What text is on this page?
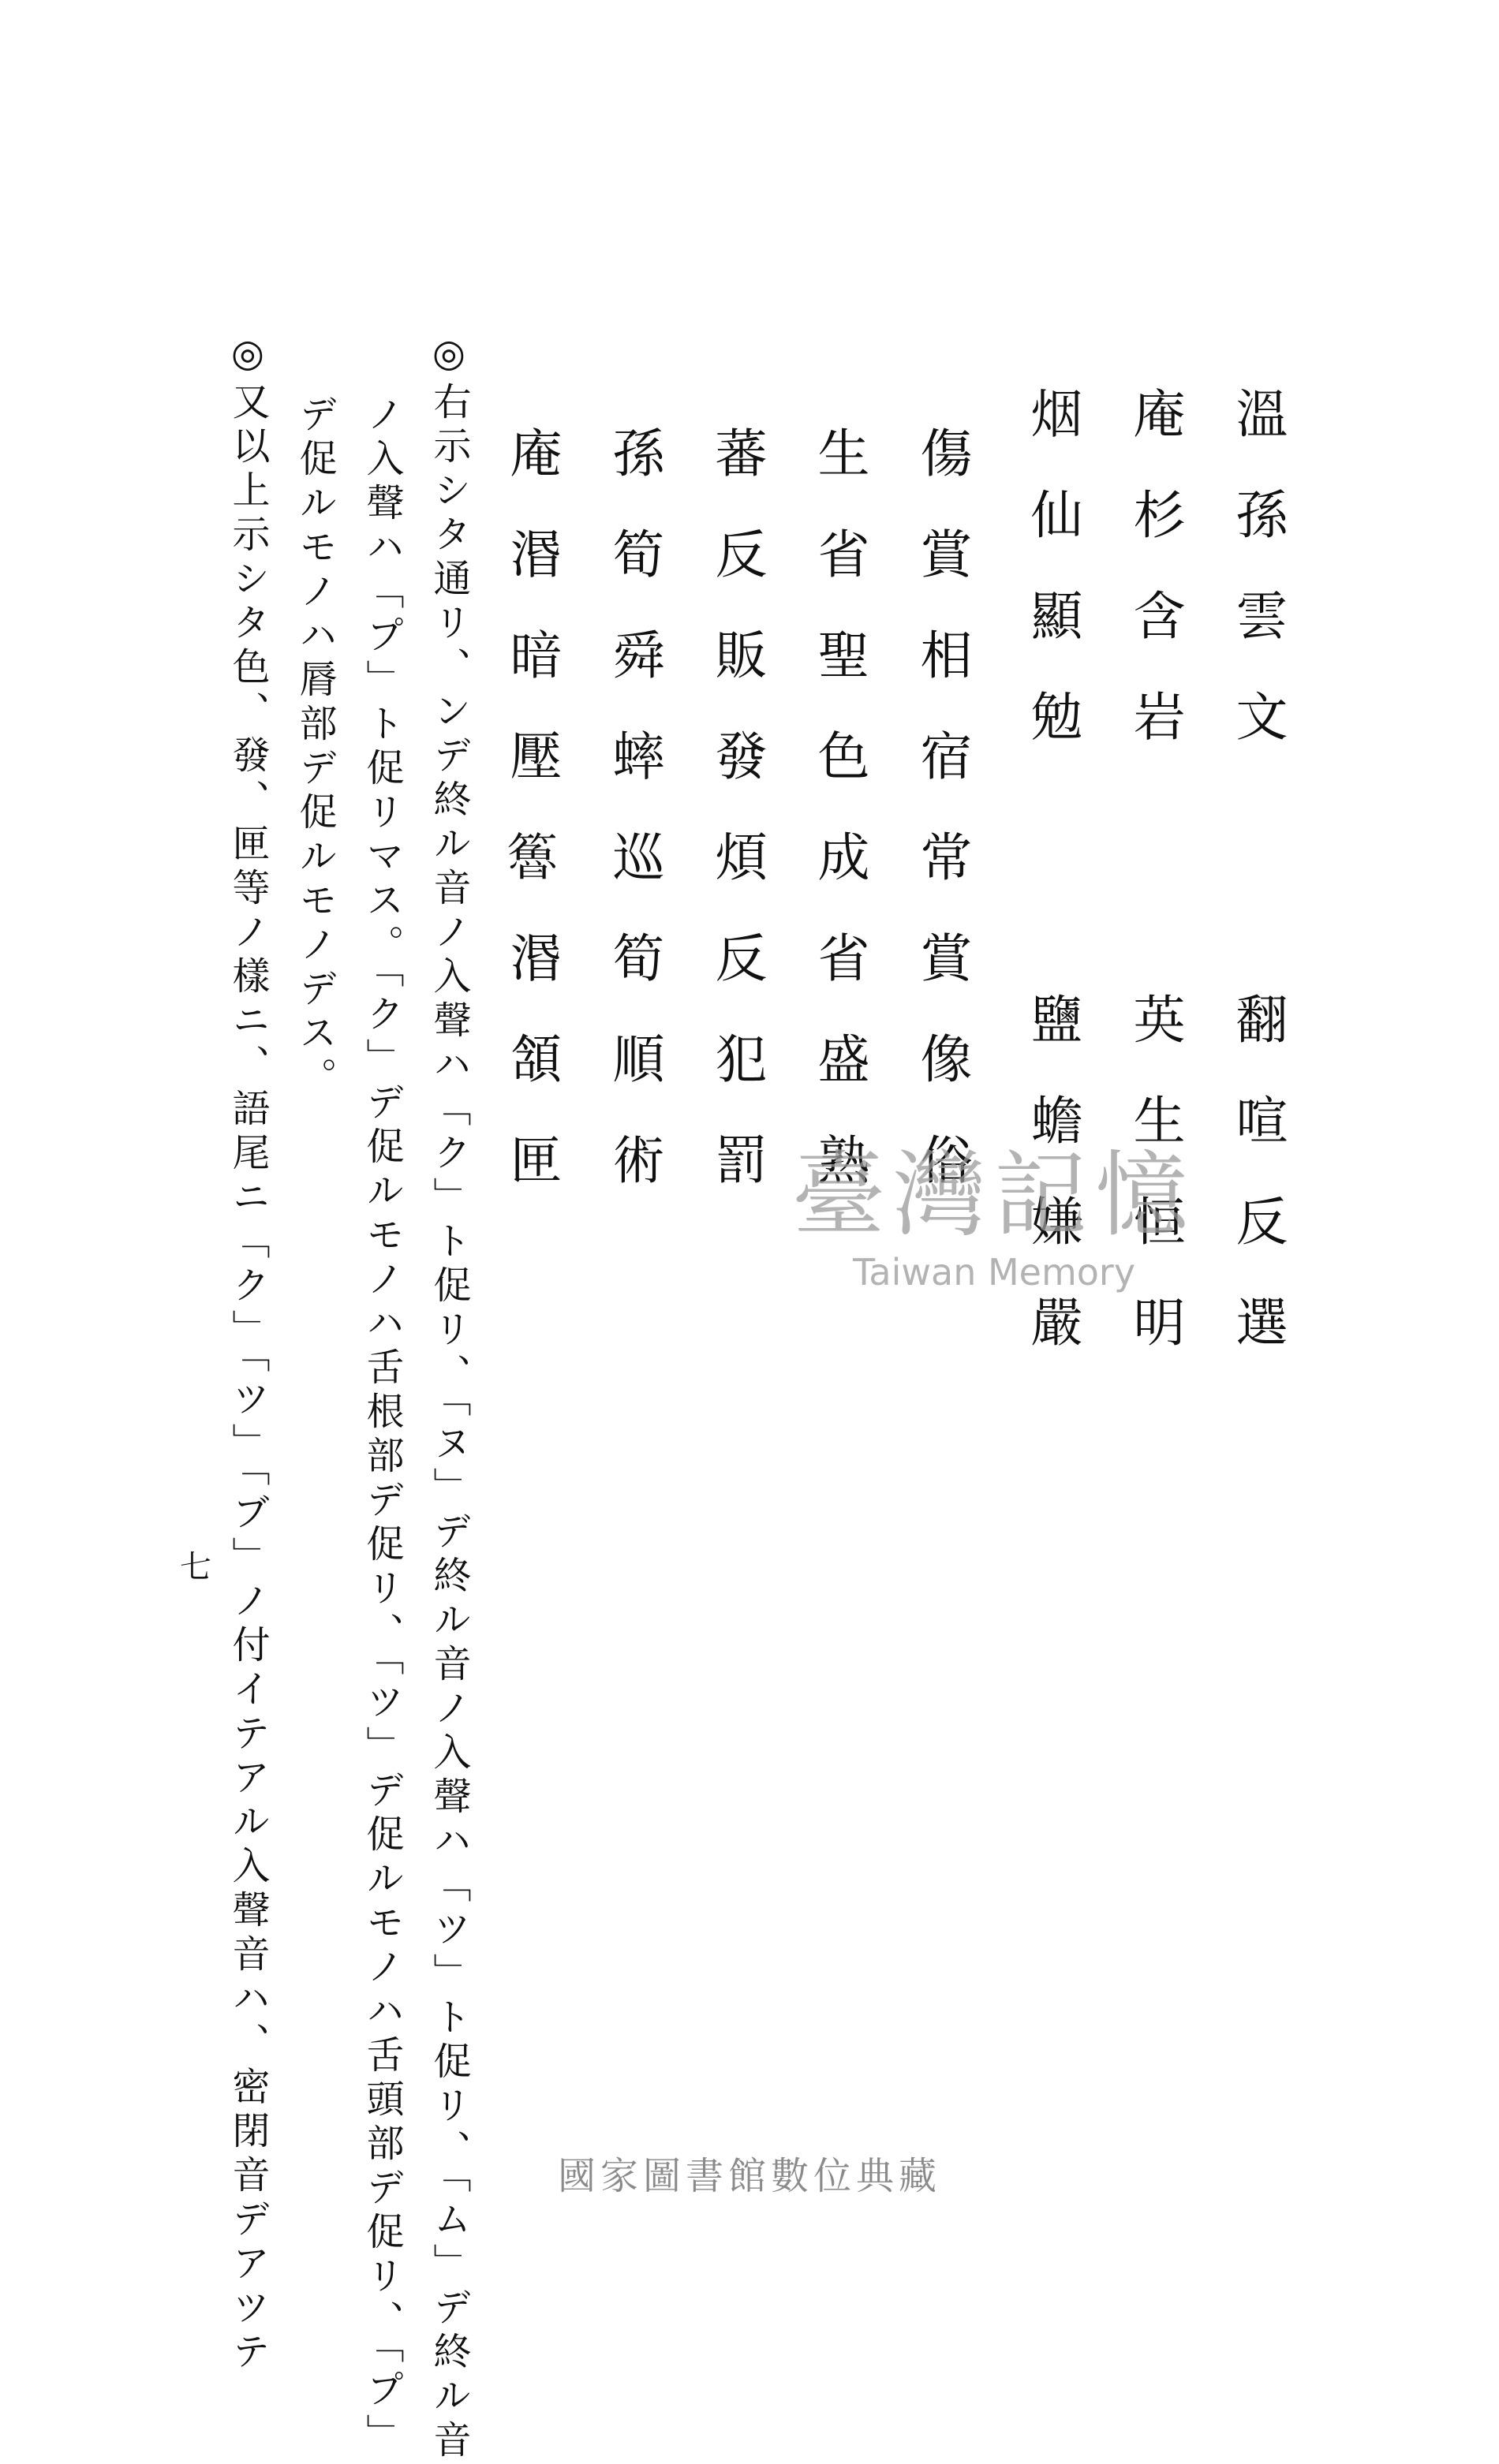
溫孫雲文　　翻喧反選
庵杉含岩　　英生恒明
烟仙顯勉　　鹽蟾嫌嚴
傷賞相宿常賞像俗
生省聖色成省盛熟
蕃反販發煩反犯罰
孫筍舜蟀巡筍順術
庵湣暗壓𥶇湣頷匣
◎右示シタ通リ、ンデ終ル音ノ入聲ハ「ク」ト促リ、「ヌ」デ終ル音ノ入聲ハ「ツ」ト促リ、「ム」デ終ル音
ノ入聲ハ「プ」ト促リマス。「ク」デ促ルモノハ舌根部デ促リ、「ツ」デ促ルモノハ舌頭部デ促リ、「プ」
デ促ルモノハ脣部デ促ルモノデス。
◎又以上示シタ色、發、匣等ノ樣ニ、語尾ニ「ク」「ツ」「ブ」ノ付イテアル入聲音ハ、密閉音デアツテ
七
臺灣記憶
Taiwan Memory
國家圖書館數位典藏
